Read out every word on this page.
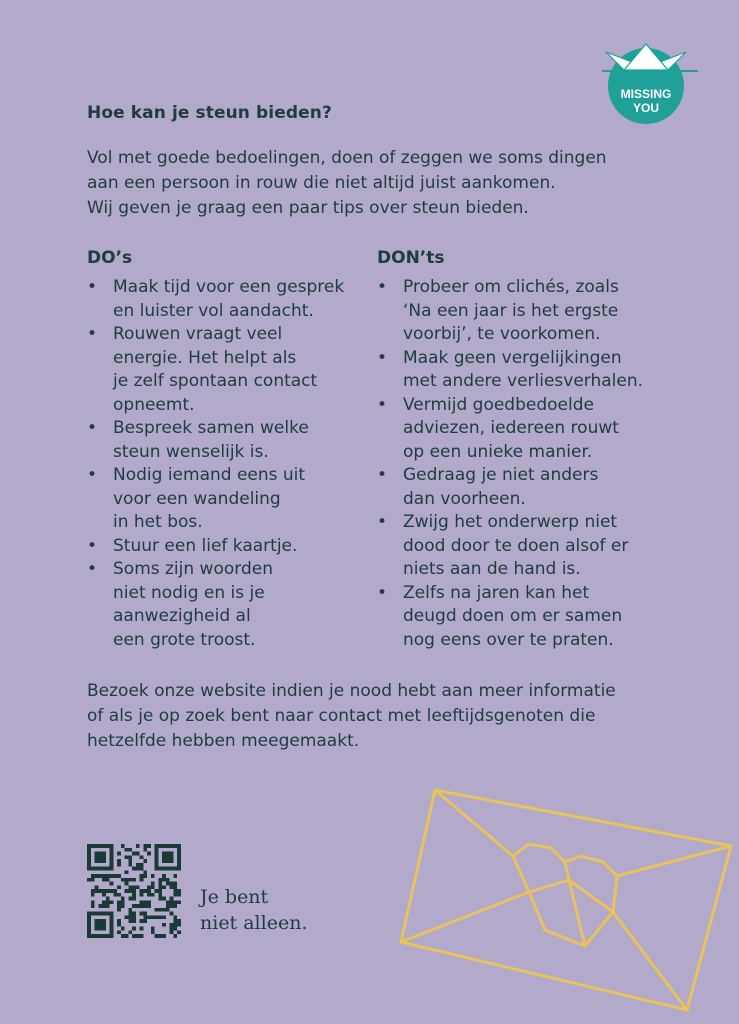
MISSING
YOU
Hoe kan je steun bieden?
Vol met goede bedoelingen, doen of zeggen we soms dingen
aan een persoon in rouw die niet altijd juist aankomen.
Wij geven je graag een paar tips over steun bieden.
DO’s	DON’ts
• Maak tijd voor een gesprek
en luister vol aandacht.
• Rouwen vraagt veel
energie. Het helpt als
je zelf spontaan contact
opneemt.
• Bespreek samen welke
steun wenselijk is.
• Nodig iemand eens uit
voor een wandeling
in het bos.
• Stuur een lief kaartje.
• Soms zijn woorden
niet nodig en is je
aanwezigheid al
een grote troost.
• Probeer om clichés, zoals
‘Na een jaar is het ergste
voorbij’, te voorkomen.
• Maak geen vergelijkingen
met andere verliesverhalen.
• Vermijd goedbedoelde
adviezen, iedereen rouwt
op een unieke manier.
• Gedraag je niet anders
dan voorheen.
• Zwijg het onderwerp niet
dood door te doen alsof er
niets aan de hand is.
• Zelfs na jaren kan het
deugd doen om er samen
nog eens over te praten.
Bezoek onze website indien je nood hebt aan meer informatie
of als je op zoek bent naar contact met leeftijdsgenoten die
hetzelfde hebben meegemaakt.
Je bent
niet alleen.
